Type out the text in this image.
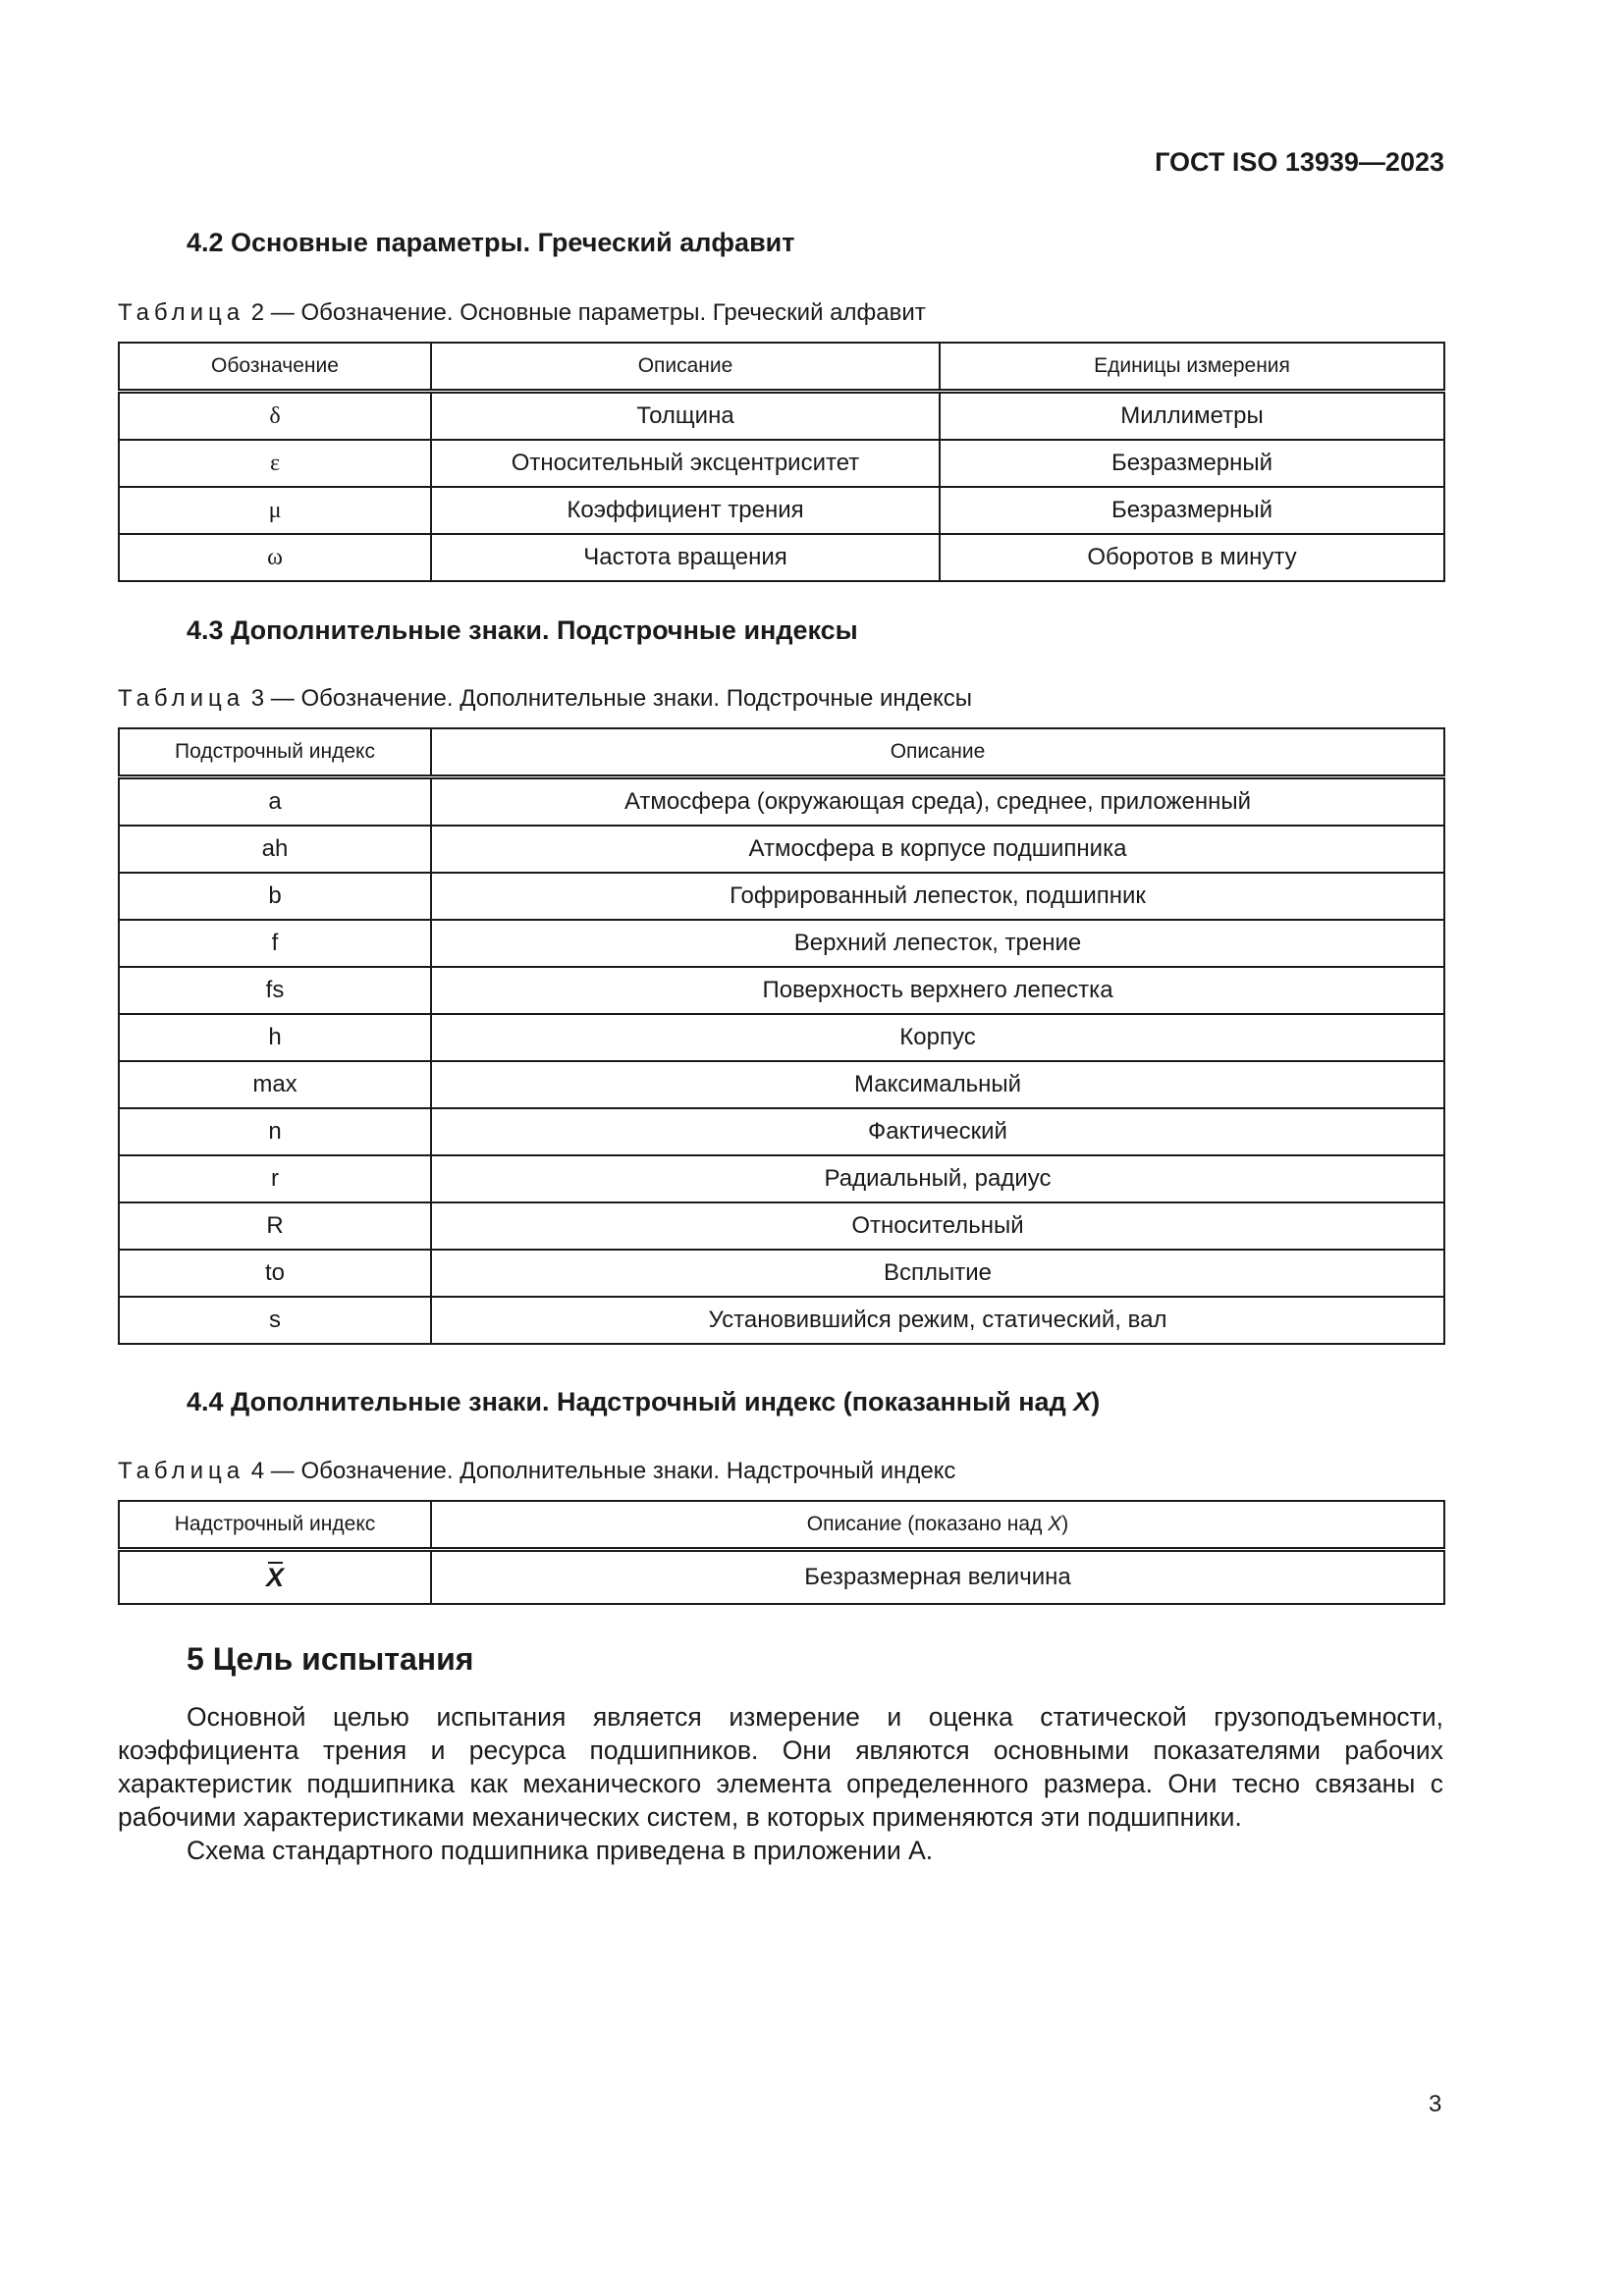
ГОСТ ISO 13939—2023
4.2 Основные параметры. Греческий алфавит

Таблица 2 — Обозначение. Основные параметры. Греческий алфавит

Обозначение	Описание	Единицы измерения
δ	Толщина	Миллиметры
ε	Относительный эксцентриситет	Безразмерный
μ	Коэффициент трения	Безразмерный
ω	Частота вращения	Оборотов в минуту
4.3 Дополнительные знаки. Подстрочные индексы

Таблица 3 — Обозначение. Дополнительные знаки. Подстрочные индексы

Подстрочный индекс	Описание
a	Атмосфера (окружающая среда), среднее, приложенный
ah	Атмосфера в корпусе подшипника
b	Гофрированный лепесток, подшипник
f	Верхний лепесток, трение
fs	Поверхность верхнего лепестка
h	Корпус
max	Максимальный
n	Фактический
r	Радиальный, радиус
R	Относительный
to	Всплытие
s	Установившийся режим, статический, вал
4.4 Дополнительные знаки. Надстрочный индекс (показанный над X)

Таблица 4 — Обозначение. Дополнительные знаки. Надстрочный индекс

Надстрочный индекс	Описание (показано над X)
X	Безразмерная величина
5 Цель испытания

Основной целью испытания является измерение и оценка статической грузоподъемности, коэффициента трения и ресурса подшипников. Они являются основными показателями рабочих характеристик подшипника как механического элемента определенного размера. Они тесно связаны с рабочими характеристиками механических систем, в которых применяются эти подшипники.

Схема стандартного подшипника приведена в приложении А.

3
